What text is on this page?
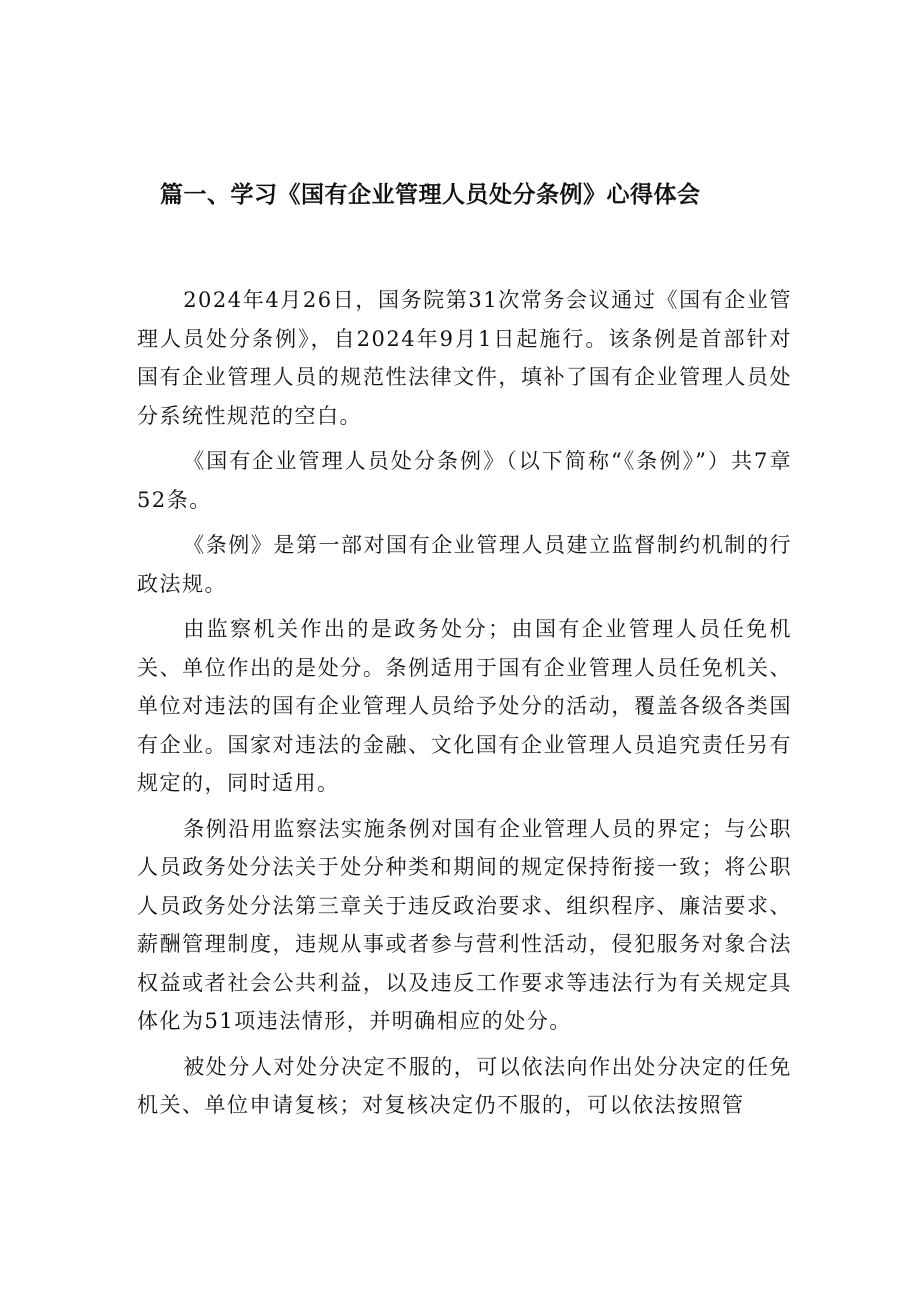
篇一、学习《国有企业管理人员处分条例》心得体会

2024年4月26日，国务院第31次常务会议通过《国有企业管理人员处分条例》，自2024年9月1日起施行。该条例是首部针对国有企业管理人员的规范性法律文件，填补了国有企业管理人员处分系统性规范的空白。

《国有企业管理人员处分条例》（以下简称“《条例》”）共7章52条。

《条例》是第一部对国有企业管理人员建立监督制约机制的行政法规。

由监察机关作出的是政务处分；由国有企业管理人员任免机关、单位作出的是处分。条例适用于国有企业管理人员任免机关、单位对违法的国有企业管理人员给予处分的活动，覆盖各级各类国有企业。国家对违法的金融、文化国有企业管理人员追究责任另有规定的，同时适用。

条例沿用监察法实施条例对国有企业管理人员的界定；与公职人员政务处分法关于处分种类和期间的规定保持衔接一致；将公职人员政务处分法第三章关于违反政治要求、组织程序、廉洁要求、薪酬管理制度，违规从事或者参与营利性活动，侵犯服务对象合法权益或者社会公共利益，以及违反工作要求等违法行为有关规定具体化为51项违法情形，并明确相应的处分。

被处分人对处分决定不服的，可以依法向作出处分决定的任免机关、单位申请复核；对复核决定仍不服的，可以依法按照管
